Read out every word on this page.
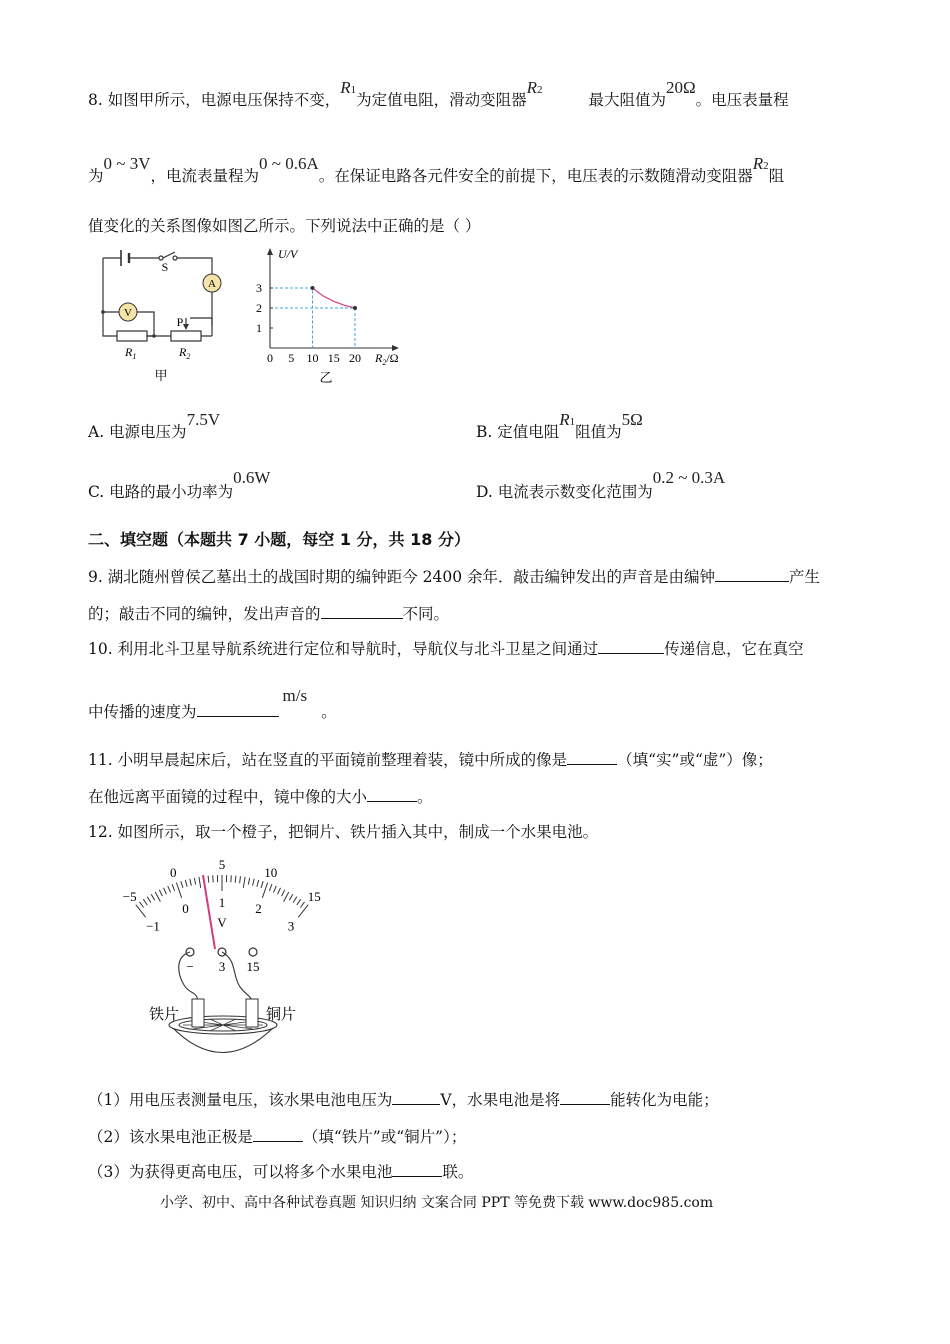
8. 如图甲所示，电源电压保持不变，R1为定值电阻，滑动变阻器R2最大阻值为20Ω。电压表量程
为0 ~ 3V，电流表量程为0 ~ 0.6A。在保证电路各元件安全的前提下，电压表的示数随滑动变阻器R2阻
值变化的关系图像如图乙所示。下列说法中正确的是（ ）
A
V
S
P
$R_1$	$R_2$
甲
U/V
0 5 10 15 20
1
2
3
$R_2/\Omega$
乙
A. 电源电压为7.5V
B. 定值电阻R1阻值为5Ω
C. 电路的最小功率为0.6W
D. 电流表示数变化范围为0.2 ~ 0.3A
二、填空题（本题共 7 小题，每空 1 分，共 18 分）
9. 湖北随州曾侯乙墓出土的战国时期的编钟距今 2400 余年．敲击编钟发出的声音是由编钟	产生
的；敲击不同的编钟，发出声音的	不同。
10. 利用北斗卫星导航系统进行定位和导航时，导航仪与北斗卫星之间通过	传递信息，它在真空
中传播的速度为m/s。
11. 小明早晨起床后，站在竖直的平面镜前整理着装，镜中所成的像是	（填“实”或“虚”）像；
在他远离平面镜的过程中，镜中像的大小	。
12. 如图所示，取一个橙子，把铜片、铁片插入其中，制成一个水果电池。
−5
0
5
10
15
−1
0 1 2
3
V
− 3 15
铁片	铜片
（1）用电压表测量电压，该水果电池电压为	V，水果电池是将	能转化为电能；
（2）该水果电池正极是	（填“铁片”或“铜片”）；
（3）为获得更高电压，可以将多个水果电池	联。
小学、初中、高中各种试卷真题 知识归纳 文案合同 PPT 等免费下载 www.doc985.com
